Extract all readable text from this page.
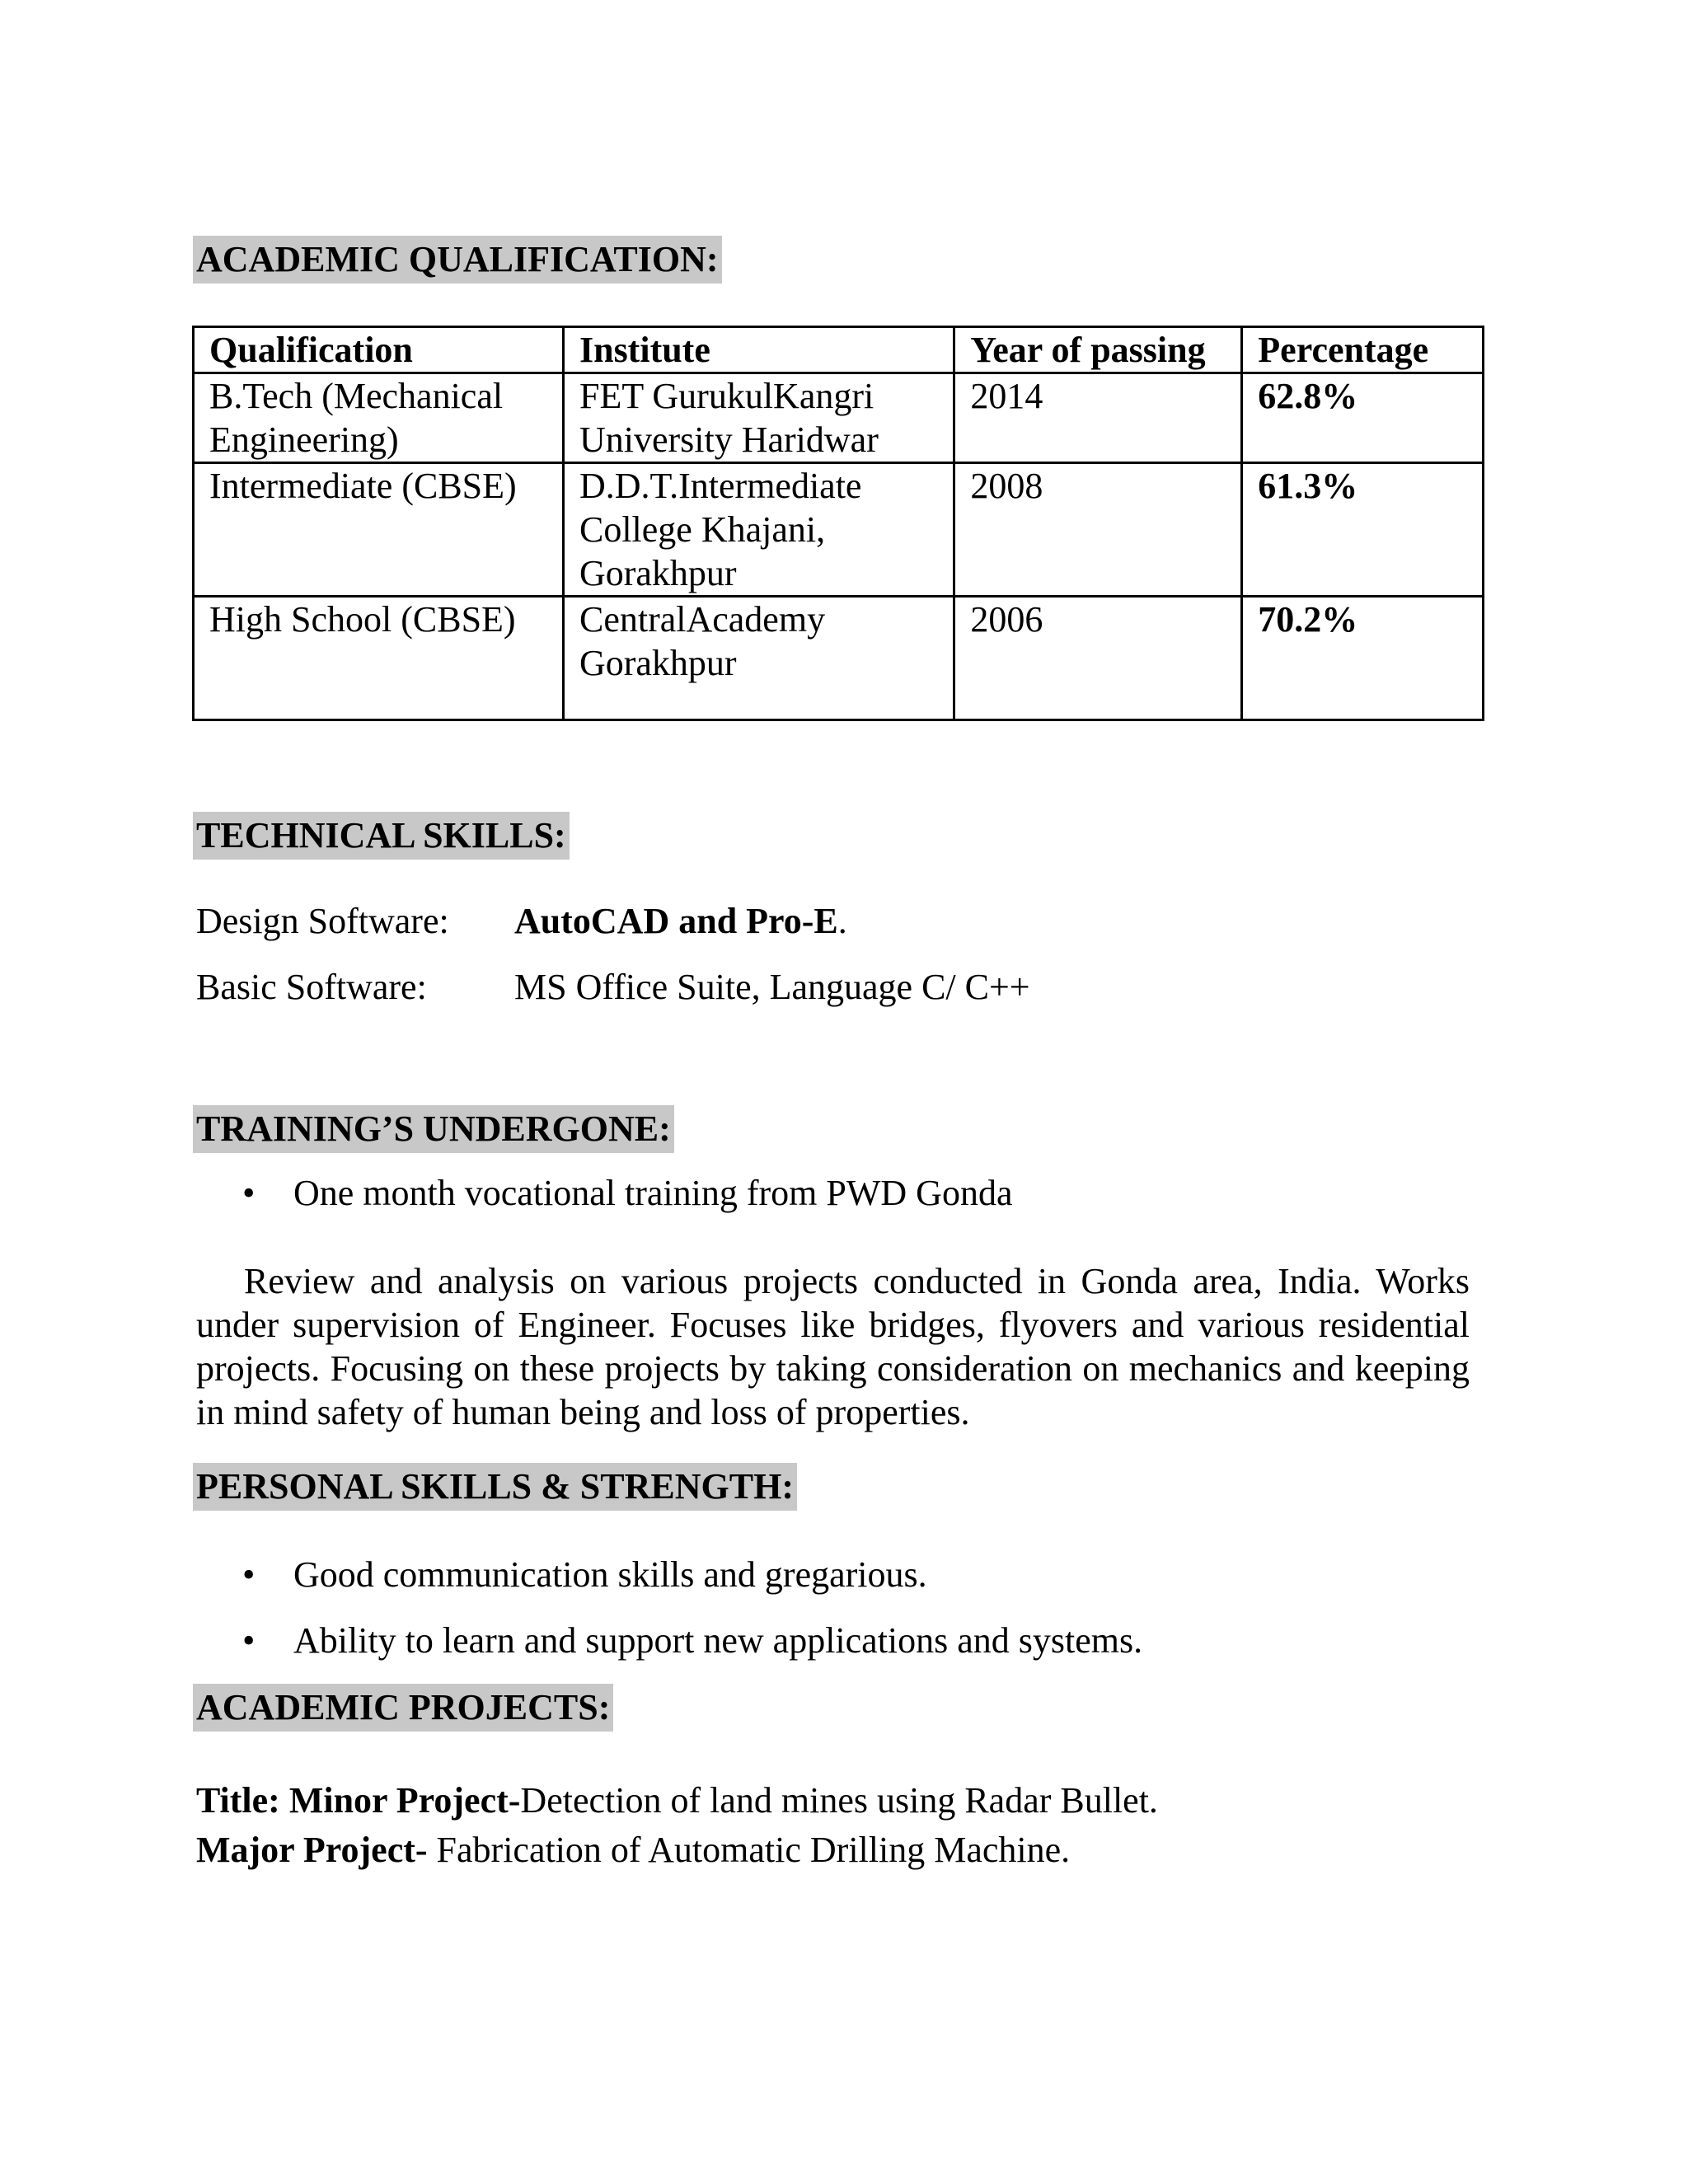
ACADEMIC QUALIFICATION:
Qualification	Institute	Year of passing	Percentage
B.Tech (Mechanical Engineering)	FET GurukulKangri University Haridwar	2014	62.8%
Intermediate (CBSE)	D.D.T.Intermediate College Khajani, Gorakhpur	2008	61.3%
High School (CBSE)	CentralAcademy Gorakhpur	2006	70.2%
TECHNICAL SKILLS:
Design Software: AutoCAD and Pro-E.
Basic Software: MS Office Suite, Language C/ C++
TRAINING’S UNDERGONE:
• One month vocational training from PWD Gonda
Review and analysis on various projects conducted in Gonda area, India. Works under supervision of Engineer. Focuses like bridges, flyovers and various residential projects. Focusing on these projects by taking consideration on mechanics and keeping in mind safety of human being and loss of properties.
PERSONAL SKILLS & STRENGTH:
• Good communication skills and gregarious.
• Ability to learn and support new applications and systems.
ACADEMIC PROJECTS:
Title: Minor Project-Detection of land mines using Radar Bullet.
Major Project- Fabrication of Automatic Drilling Machine.
